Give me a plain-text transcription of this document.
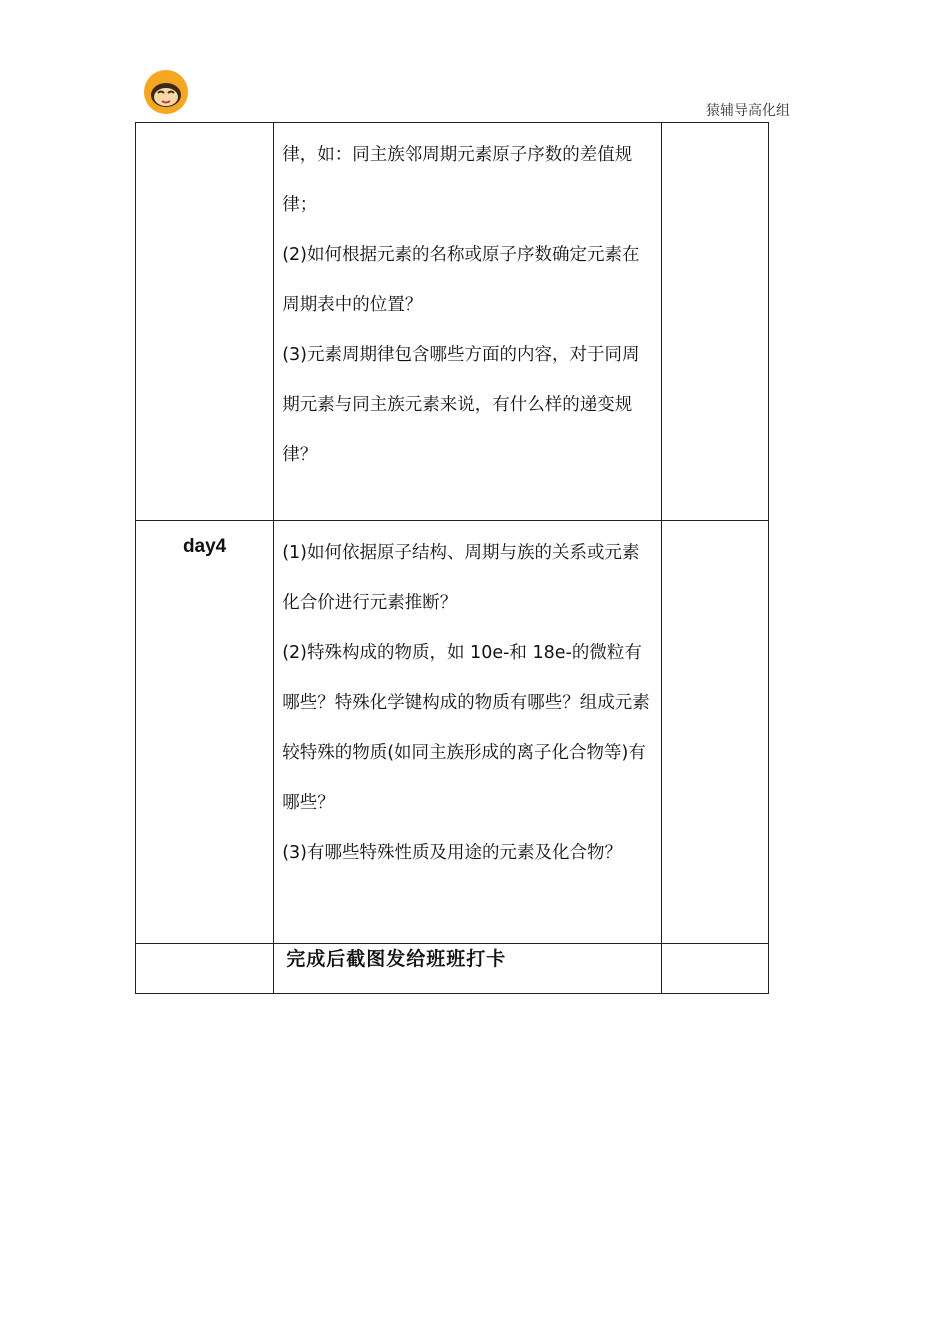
猿辅导高化组

	律，如：同主族邻周期元素原子序数的差值规律；

(2)如何根据元素的名称或原子序数确定元素在周期表中的位置？

(3)元素周期律包含哪些方面的内容，对于同周期元素与同主族元素来说，有什么样的递变规律？	

day4	(1)如何依据原子结构、周期与族的关系或元素化合价进行元素推断？

(2)特殊构成的物质，如 10e-和 18e-的微粒有哪些？特殊化学键构成的物质有哪些？组成元素较特殊的物质(如同主族形成的离子化合物等)有哪些？

(3)有哪些特殊性质及用途的元素及化合物？	

	完成后截图发给班班打卡	
